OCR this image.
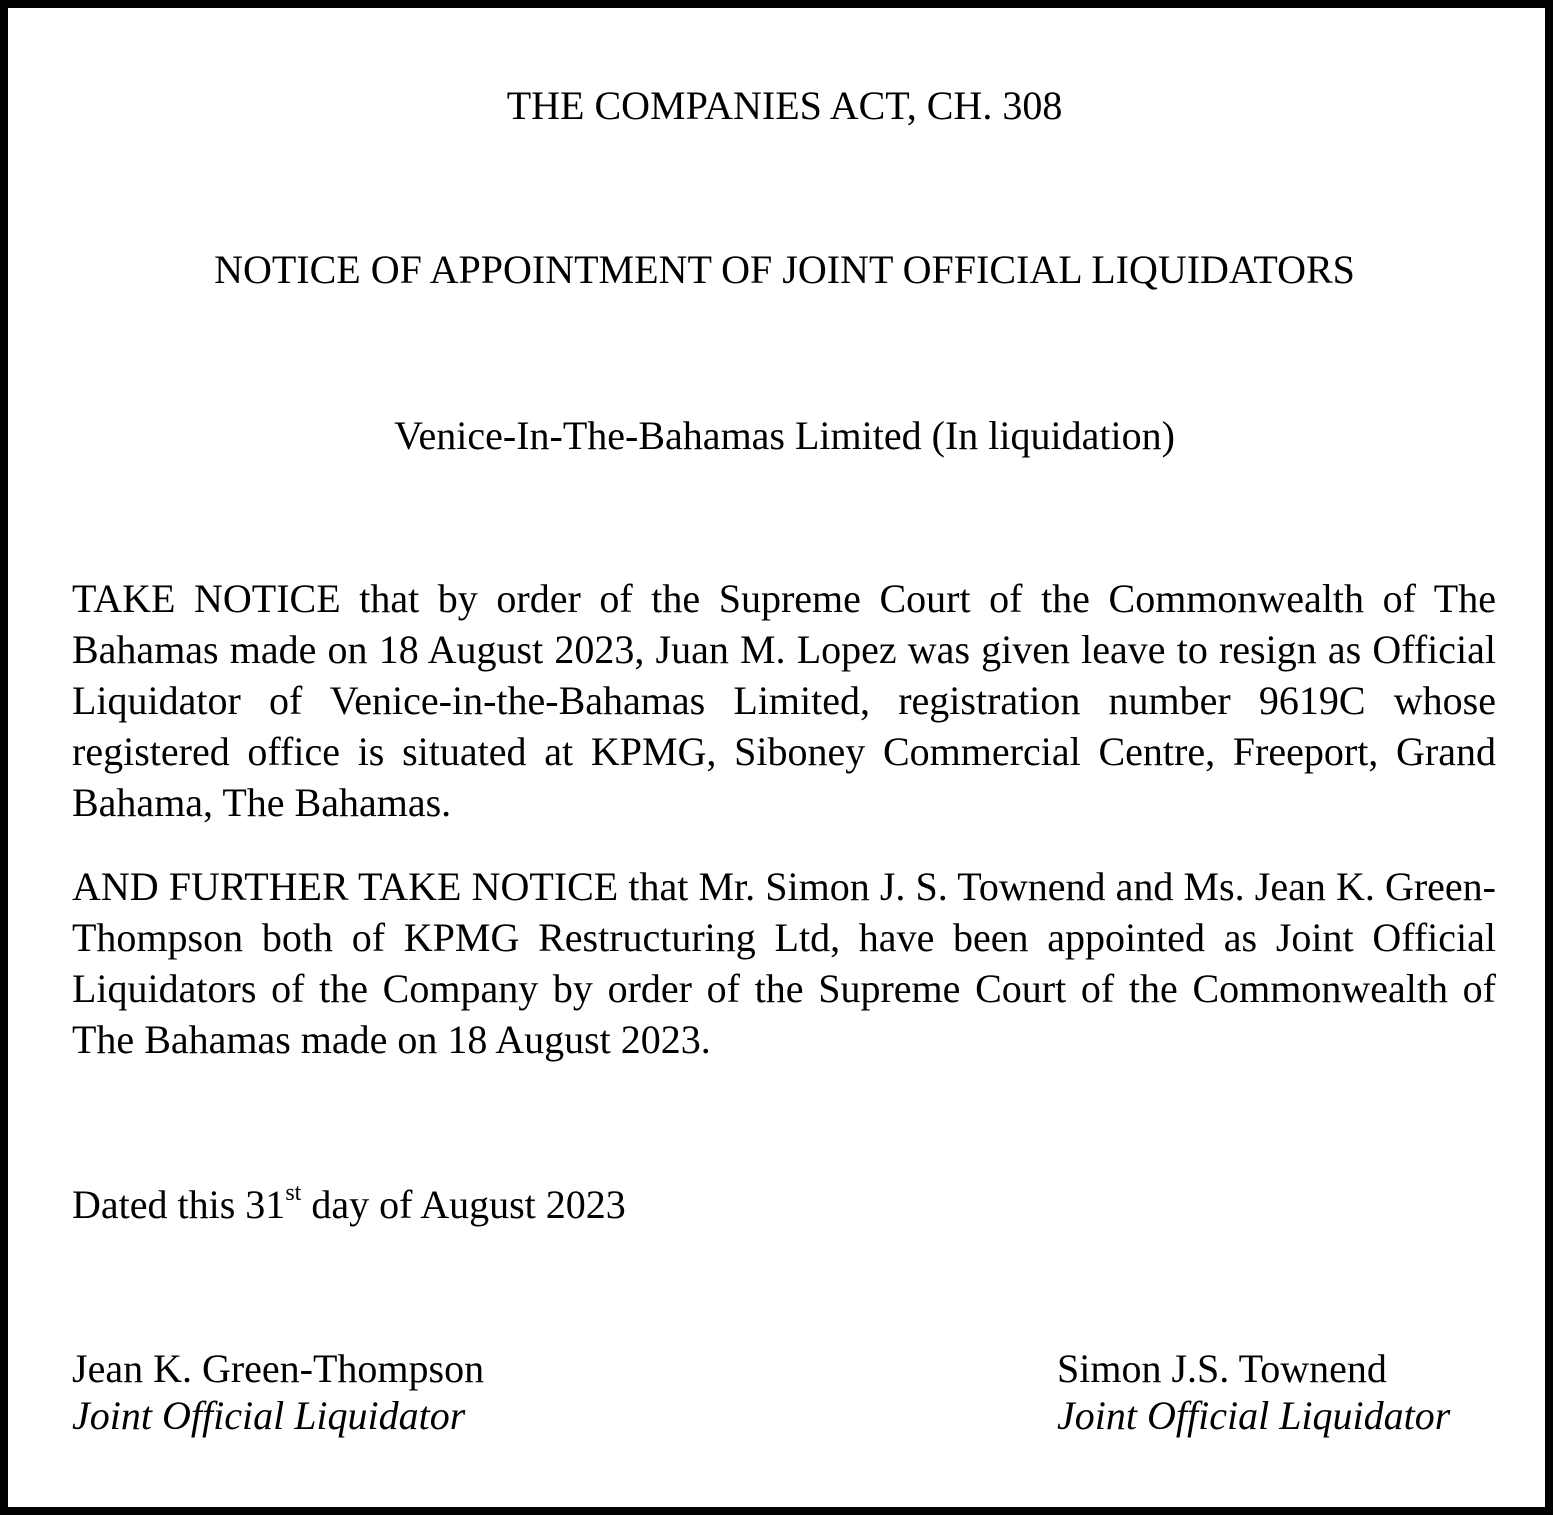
THE COMPANIES ACT, CH. 308
NOTICE OF APPOINTMENT OF JOINT OFFICIAL LIQUIDATORS
Venice-In-The-Bahamas Limited (In liquidation)

TAKE NOTICE that by order of the Supreme Court of the Commonwealth of The Bahamas made on 18 August 2023, Juan M. Lopez was given leave to resign as Official Liquidator of Venice-in-the-Bahamas Limited, registration number 9619C whose registered office is situated at KPMG, Siboney Commercial Centre, Freeport, Grand Bahama, The Bahamas.

AND FURTHER TAKE NOTICE that Mr. Simon J. S. Townend and Ms. Jean K. Green-Thompson both of KPMG Restructuring Ltd, have been appointed as Joint Official Liquidators of the Company by order of the Supreme Court of the Commonwealth of The Bahamas made on 18 August 2023.

Dated this 31st day of August 2023
Jean K. Green-Thompson
Joint Official Liquidator
Simon J.S. Townend
Joint Official Liquidator
